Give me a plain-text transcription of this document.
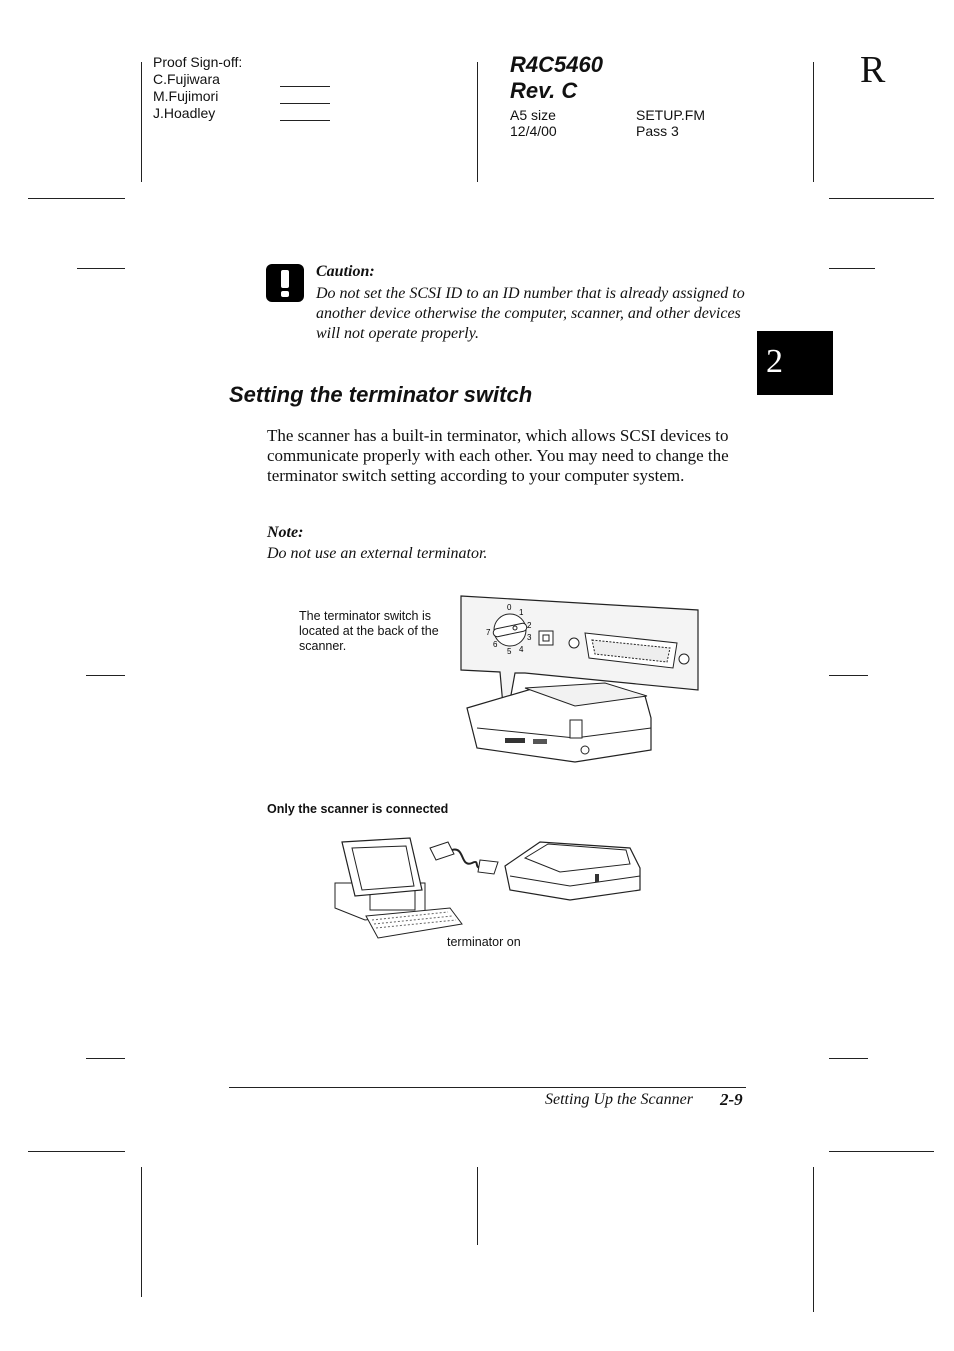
Proof Sign-off:
C.Fujiwara
M.Fujimori
J.Hoadley
R4C5460
Rev. C
A5 size
12/4/00
SETUP.FM
Pass 3
R
2
Caution:
Do not set the SCSI ID to an ID number that is already assigned to another device otherwise the computer, scanner, and other devices will not operate properly.
Setting the terminator switch
The scanner has a built-in terminator, which allows SCSI devices to communicate properly with each other. You may need to change the terminator switch setting according to your computer system.
Note:
Do not use an external terminator.
The terminator switch is located at the back of the scanner.
0
1
2
3
4
5
6
7
Only the scanner is connected
terminator on
Setting Up the Scanner 2-9
